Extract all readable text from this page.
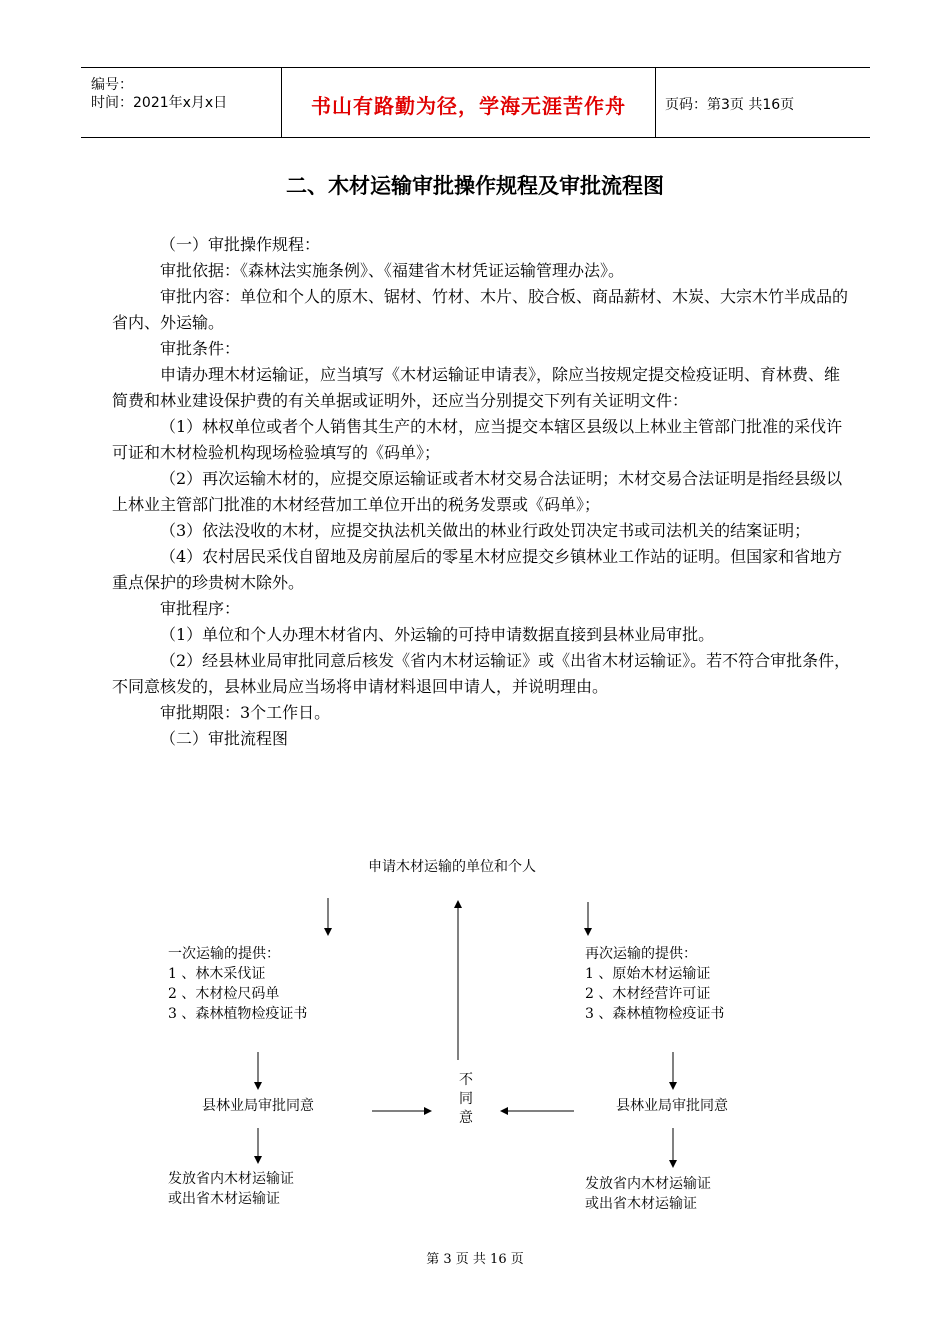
编号：
时间：2021年x月x日	书山有路勤为径，学海无涯苦作舟	页码：第3页 共16页
二、木材运输审批操作规程及审批流程图

（一）审批操作规程：

审批依据：《森林法实施条例》、《福建省木材凭证运输管理办法》。

审批内容：单位和个人的原木、锯材、竹材、木片、胶合板、商品薪材、木炭、大宗木竹半成品的省内、外运输。

审批条件：

申请办理木材运输证，应当填写《木材运输证申请表》，除应当按规定提交检疫证明、育林费、维简费和林业建设保护费的有关单据或证明外，还应当分别提交下列有关证明文件：

（1）林权单位或者个人销售其生产的木材，应当提交本辖区县级以上林业主管部门批准的采伐许可证和木材检验机构现场检验填写的《码单》；

（2）再次运输木材的，应提交原运输证或者木材交易合法证明；木材交易合法证明是指经县级以上林业主管部门批准的木材经营加工单位开出的税务发票或《码单》；

（3）依法没收的木材，应提交执法机关做出的林业行政处罚决定书或司法机关的结案证明；

（4）农村居民采伐自留地及房前屋后的零星木材应提交乡镇林业工作站的证明。但国家和省地方重点保护的珍贵树木除外。

审批程序：

（1）单位和个人办理木材省内、外运输的可持申请数据直接到县林业局审批。

（2）经县林业局审批同意后核发《省内木材运输证》或《出省木材运输证》。若不符合审批条件，不同意核发的，县林业局应当场将申请材料退回申请人，并说明理由。

审批期限：3个工作日。

（二）审批流程图

申请木材运输的单位和个人
一次运输的提供：
1 、林木采伐证
2 、木材检尺码单
3 、森林植物检疫证书
再次运输的提供：
1 、原始木材运输证
2 、木材经营许可证
3 、森林植物检疫证书
县林业局审批同意	县林业局审批同意
不
同
意
发放省内木材运输证
或出省木材运输证
发放省内木材运输证
或出省木材运输证
第 3 页 共 16 页
